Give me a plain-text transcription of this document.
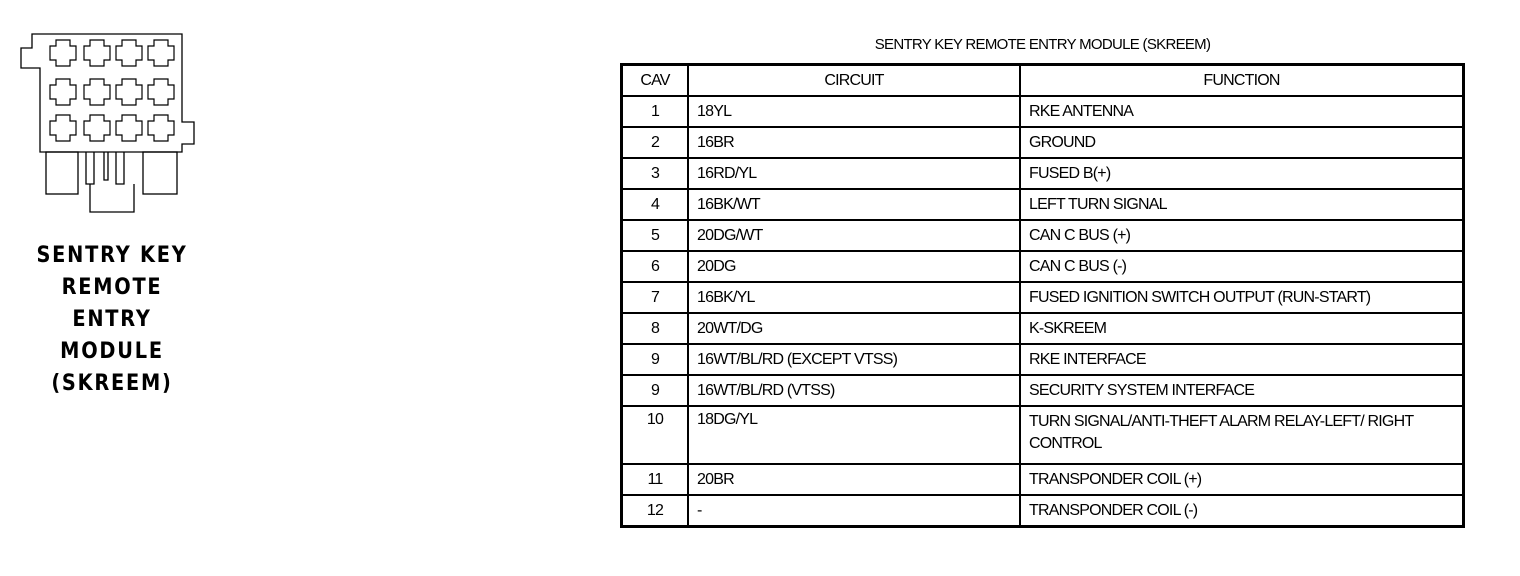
SENTRY KEY
REMOTE
ENTRY
MODULE
(SKREEM)
SENTRY KEY REMOTE ENTRY MODULE (SKREEM)
CAV	CIRCUIT	FUNCTION
1	18YL	RKE ANTENNA
2	16BR	GROUND
3	16RD/YL	FUSED B(+)
4	16BK/WT	LEFT TURN SIGNAL
5	20DG/WT	CAN C BUS (+)
6	20DG	CAN C BUS (-)
7	16BK/YL	FUSED IGNITION SWITCH OUTPUT (RUN-START)
8	20WT/DG	K-SKREEM
9	16WT/BL/RD (EXCEPT VTSS)	RKE INTERFACE
9	16WT/BL/RD (VTSS)	SECURITY SYSTEM INTERFACE
10	18DG/YL	TURN SIGNAL/ANTI-THEFT ALARM RELAY-LEFT/ RIGHT CONTROL
11	20BR	TRANSPONDER COIL (+)
12	-	TRANSPONDER COIL (-)
